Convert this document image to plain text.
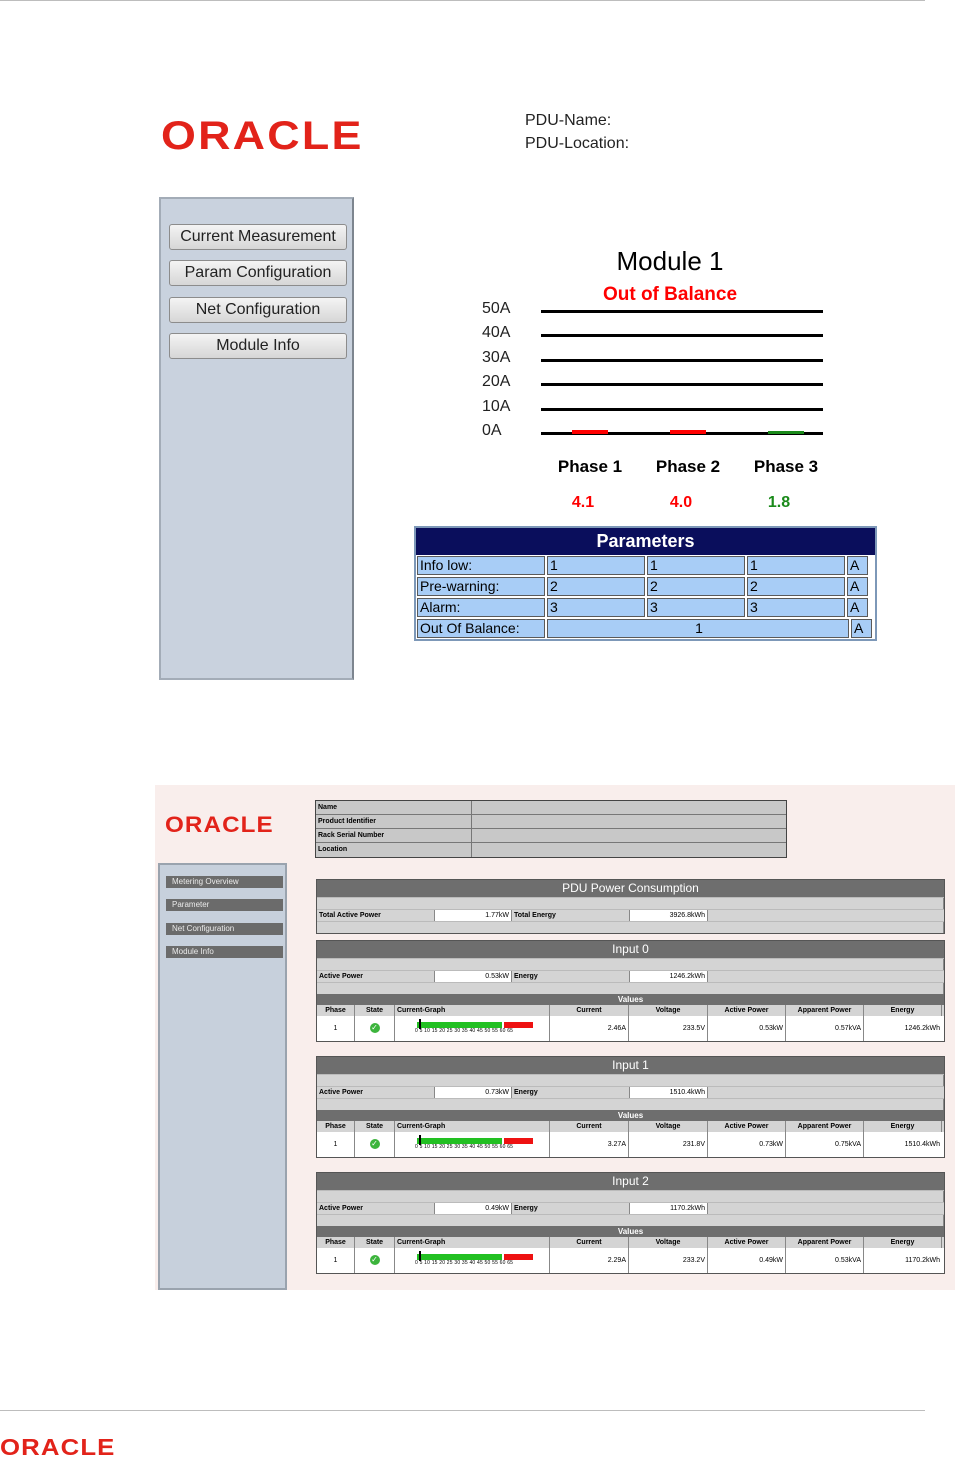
ORACLE	PDU-Name:
PDU-Location:
Current Measurement
Param Configuration
Net Configuration
Module Info
Module 1
Out of Balance
Parameters
Info low:	1	1	1	A
Pre-warning:	2	2	2	A
Alarm:	3	3	3	A
Out Of Balance:	1	A
50A
40A
30A
20A
10A
0A
Phase 1
4.1
Phase 2
4.0
Phase 3
1.8
ORACLE
Name
Product Identifier
Rack Serial Number
Location
Metering Overview
Parameter
Net Configuration
Module Info
PDU Power Consumption
Total Active Power	1.77kW Total Energy	3926.8kWh
Input 0
Active Power	0.53kW Energy	1246.2kWh
Values
Phase	State	Current-Graph	Current	Voltage	Active Power	Apparent Power	Energy
1	✓	0 5 10 15 20 25 30 35 40 45 50 55 60 65	2.46A	233.5V	0.53kW	0.57kVA	1246.2kWh
Input 1
Active Power	0.73kW Energy	1510.4kWh
Values
Phase	State	Current-Graph	Current	Voltage	Active Power	Apparent Power	Energy
1	✓	0 5 10 15 20 25 30 35 40 45 50 55 60 65	3.27A	231.8V	0.73kW	0.75kVA	1510.4kWh
Input 2
Active Power	0.49kW Energy	1170.2kWh
Values
Phase	State	Current-Graph	Current	Voltage	Active Power	Apparent Power	Energy
1	✓	0 5 10 15 20 25 30 35 40 45 50 55 60 65	2.29A	233.2V	0.49kW	0.53kVA	1170.2kWh
ORACLE
